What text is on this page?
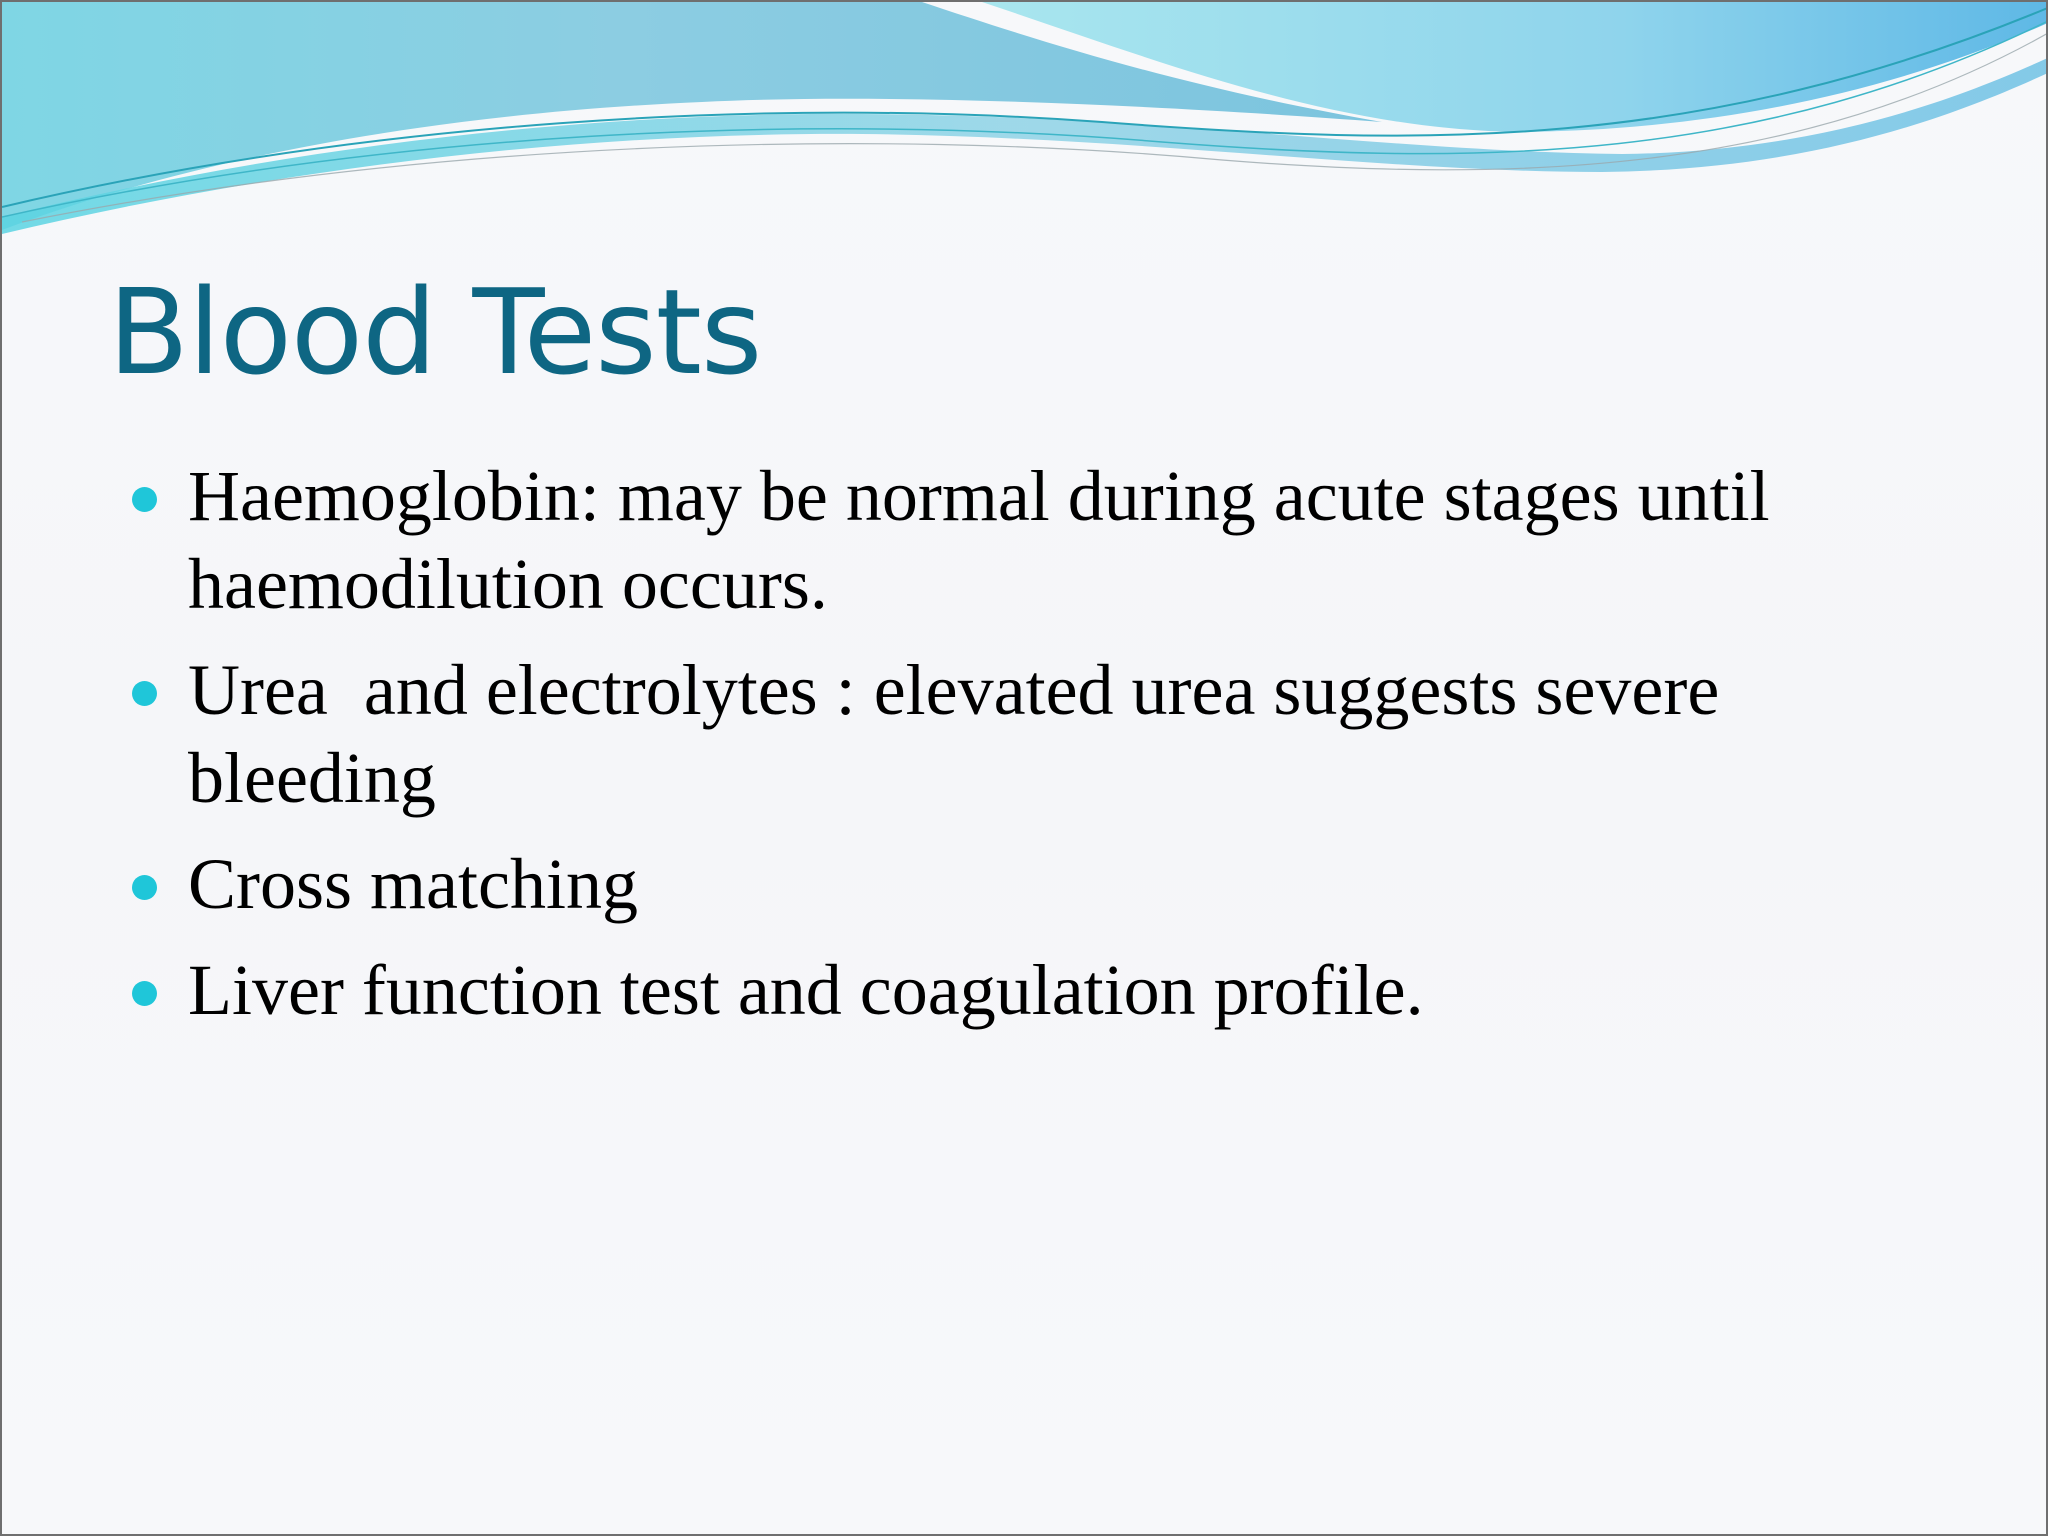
Blood Tests
Haemoglobin: may be normal during acute stages until haemodilution occurs.
Urea  and electrolytes : elevated urea suggests severe bleeding
Cross matching
Liver function test and coagulation profile.
